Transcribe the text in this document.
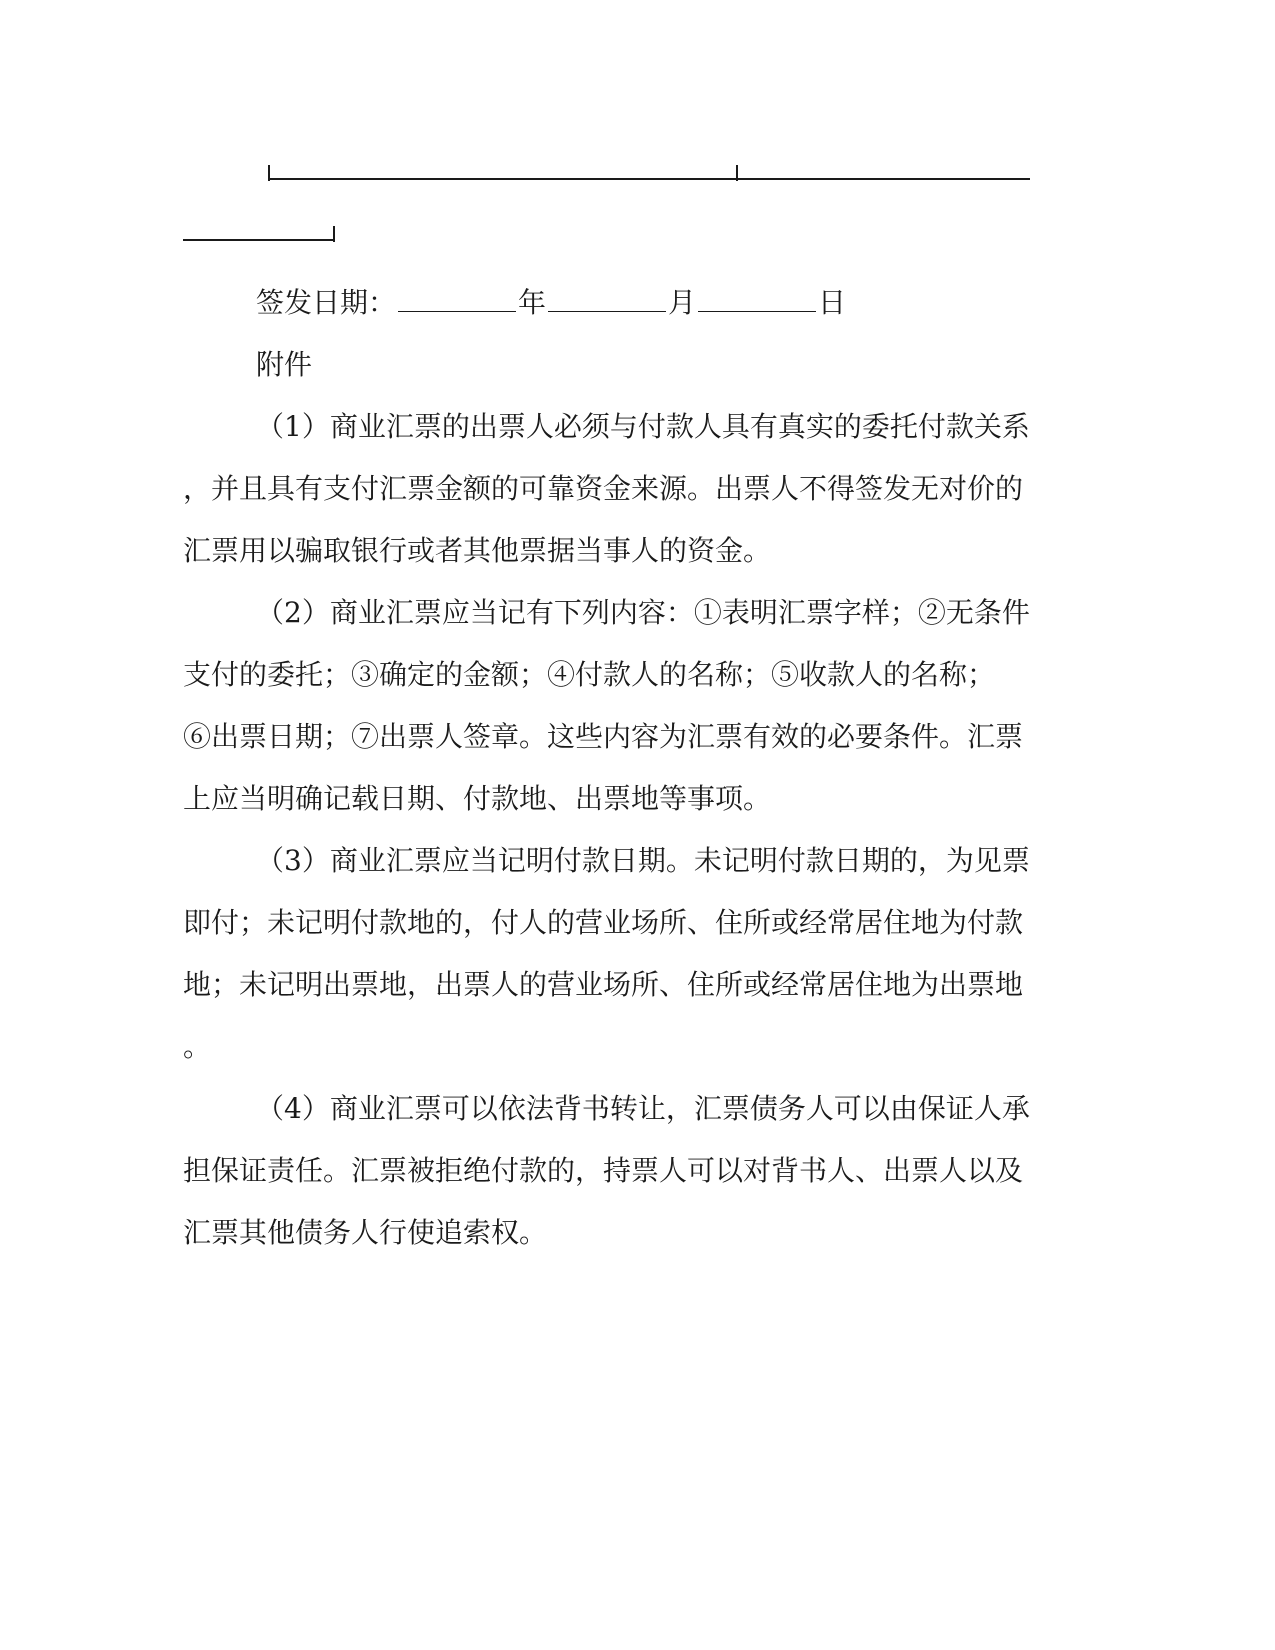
签发日期：	年	月	日
附件
（1）商业汇票的出票人必须与付款人具有真实的委托付款关系
，并且具有支付汇票金额的可靠资金来源。出票人不得签发无对价的
汇票用以骗取银行或者其他票据当事人的资金。
（2）商业汇票应当记有下列内容：①表明汇票字样；②无条件
支付的委托；③确定的金额；④付款人的名称；⑤收款人的名称；
⑥出票日期；⑦出票人签章。这些内容为汇票有效的必要条件。汇票
上应当明确记载日期、付款地、出票地等事项。
（3）商业汇票应当记明付款日期。未记明付款日期的，为见票
即付；未记明付款地的，付人的营业场所、住所或经常居住地为付款
地；未记明出票地，出票人的营业场所、住所或经常居住地为出票地
。
（4）商业汇票可以依法背书转让，汇票债务人可以由保证人承
担保证责任。汇票被拒绝付款的，持票人可以对背书人、出票人以及
汇票其他债务人行使追索权。
